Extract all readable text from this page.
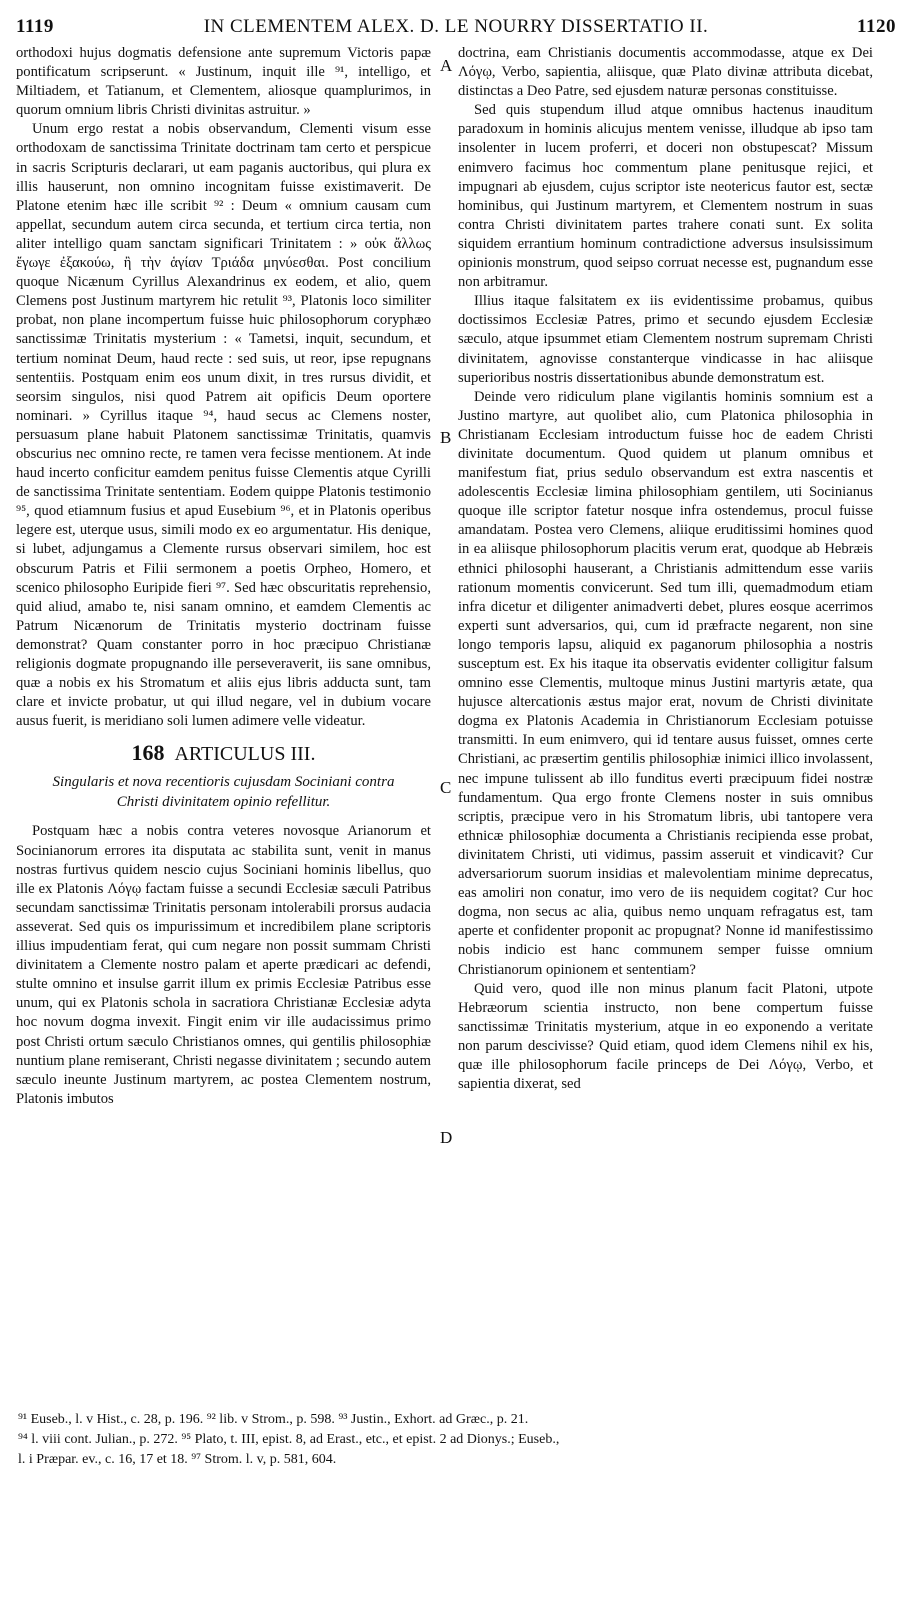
1119	IN CLEMENTEM ALEX. D. LE NOURRY DISSERTATIO II.	1120

orthodoxi hujus dogmatis defensione ante supremum Victoris papæ pontificatum scripserunt. « Justinum, inquit ille ⁹¹, intelligo, et Miltiadem, et Tatianum, et Clementem, aliosque quamplurimos, in quorum omnium libris Christi divinitas astruitur. »

Unum ergo restat a nobis observandum, Clementi visum esse orthodoxam de sanctissima Trinitate doctrinam tam certo et perspicue in sacris Scripturis declarari, ut eam paganis auctoribus, qui plura ex illis hauserunt, non omnino incognitam fuisse existimaverit. De Platone etenim hæc ille scribit ⁹² : Deum « omnium causam cum appellat, secundum autem circa secunda, et tertium circa tertia, non aliter intelligo quam sanctam significari Trinitatem : » οὐκ ἄλλως ἔγωγε ἐξακούω, ἢ τὴν ἁγίαν Τριάδα μηνύεσθαι. Post concilium quoque Nicænum Cyrillus Alexandrinus ex eodem, et alio, quem Clemens post Justinum martyrem hic retulit ⁹³, Platonis loco similiter probat, non plane incompertum fuisse huic philosophorum coryphæo sanctissimæ Trinitatis mysterium : « Tametsi, inquit, secundum, et tertium nominat Deum, haud recte : sed suis, ut reor, ipse repugnans sententiis. Postquam enim eos unum dixit, in tres rursus dividit, et seorsim singulos, nisi quod Patrem ait opificis Deum oportere nominari. » Cyrillus itaque ⁹⁴, haud secus ac Clemens noster, persuasum plane habuit Platonem sanctissimæ Trinitatis, quamvis obscurius nec omnino recte, re tamen vera fecisse mentionem. At inde haud incerto conficitur eamdem penitus fuisse Clementis atque Cyrilli de sanctissima Trinitate sententiam. Eodem quippe Platonis testimonio ⁹⁵, quod etiamnum fusius et apud Eusebium ⁹⁶, et in Platonis operibus legere est, uterque usus, simili modo ex eo argumentatur. His denique, si lubet, adjungamus a Clemente rursus observari similem, hoc est obscurum Patris et Filii sermonem a poetis Orpheo, Homero, et scenico philosopho Euripide fieri ⁹⁷. Sed hæc obscuritatis reprehensio, quid aliud, amabo te, nisi sanam omnino, et eamdem Clementis ac Patrum Nicænorum de Trinitatis mysterio doctrinam fuisse demonstrat? Quam constanter porro in hoc præcipuo Christianæ religionis dogmate propugnando ille perseveraverit, iis sane omnibus, quæ a nobis ex his Stromatum et aliis ejus libris adducta sunt, tam clare et invicte probatur, ut qui illud negare, vel in dubium vocare ausus fuerit, is meridiano soli lumen adimere velle videatur.

168 ARTICULUS III.

Singularis et nova recentioris cujusdam Sociniani contra Christi divinitatem opinio refellitur.

Postquam hæc a nobis contra veteres novosque Arianorum et Socinianorum errores ita disputata ac stabilita sunt, venit in manus nostras furtivus quidem nescio cujus Sociniani hominis libellus, quo ille ex Platonis Λόγῳ factam fuisse a secundi Ecclesiæ sæculi Patribus secundam sanctissimæ Trinitatis personam intolerabili prorsus audacia asseverat. Sed quis os impurissimum et incredibilem plane scriptoris illius impudentiam ferat, qui cum negare non possit summam Christi divinitatem a Clemente nostro palam et aperte prædicari ac defendi, stulte omnino et insulse garrit illum ex primis Ecclesiæ Patribus esse unum, qui ex Platonis schola in sacratiora Christianæ Ecclesiæ adyta hoc novum dogma invexit. Fingit enim vir ille audacissimus primo post Christi ortum sæculo Christianos omnes, qui gentilis philosophiæ nuntium plane remiserant, Christi negasse divinitatem ; secundo autem sæculo ineunte Justinum martyrem, ac postea Clementem nostrum, Platonis imbutos

A
B
C
D

doctrina, eam Christianis documentis accommodasse, atque ex Dei Λόγῳ, Verbo, sapientia, aliisque, quæ Plato divinæ attributa dicebat, distinctas a Deo Patre, sed ejusdem naturæ personas constituisse.

Sed quis stupendum illud atque omnibus hactenus inauditum paradoxum in hominis alicujus mentem venisse, illudque ab ipso tam insolenter in lucem proferri, et doceri non obstupescat? Missum enimvero facimus hoc commentum plane penitusque rejici, et impugnari ab ejusdem, cujus scriptor iste neotericus fautor est, sectæ hominibus, qui Justinum martyrem, et Clementem nostrum in suas contra Christi divinitatem partes trahere conati sunt. Ex solita siquidem errantium hominum contradictione adversus insulsissimum opinionis monstrum, quod seipso corruat necesse est, pugnandum esse non arbitramur.

Illius itaque falsitatem ex iis evidentissime probamus, quibus doctissimos Ecclesiæ Patres, primo et secundo ejusdem Ecclesiæ sæculo, atque ipsummet etiam Clementem nostrum supremam Christi divinitatem, agnovisse constanterque vindicasse in hac aliisque superioribus nostris dissertationibus abunde demonstratum est.

Deinde vero ridiculum plane vigilantis hominis somnium est a Justino martyre, aut quolibet alio, cum Platonica philosophia in Christianam Ecclesiam introductum fuisse hoc de eadem Christi divinitate documentum. Quod quidem ut planum omnibus et manifestum fiat, prius sedulo observandum est extra nascentis et adolescentis Ecclesiæ limina philosophiam gentilem, uti Socinianus quoque ille scriptor fatetur nosque infra ostendemus, procul fuisse amandatam. Postea vero Clemens, aliique eruditissimi homines quod in ea aliisque philosophorum placitis verum erat, quodque ab Hebræis ethnici philosophi hauserant, a Christianis admittendum esse variis rationum momentis convicerunt. Sed tum illi, quemadmodum etiam infra dicetur et diligenter animadverti debet, plures eosque acerrimos experti sunt adversarios, qui, cum id præfracte negarent, non sine longo temporis lapsu, aliquid ex paganorum philosophia a nostris susceptum est. Ex his itaque ita observatis evidenter colligitur falsum omnino esse Clementis, multoque minus Justini martyris ætate, qua hujusce altercationis æstus major erat, novum de Christi divinitate dogma ex Platonis Academia in Christianorum Ecclesiam potuisse transmitti. In eum enimvero, qui id tentare ausus fuisset, omnes certe Christiani, ac præsertim gentilis philosophiæ inimici illico involassent, nec impune tulissent ab illo funditus everti præcipuum fidei nostræ fundamentum. Qua ergo fronte Clemens noster in suis omnibus scriptis, præcipue vero in his Stromatum libris, ubi tantopere vera ethnicæ philosophiæ documenta a Christianis recipienda esse probat, divinitatem Christi, uti vidimus, passim asseruit et vindicavit? Cur adversariorum suorum insidias et malevolentiam minime deprecatus, eas amoliri non conatur, imo vero de iis nequidem cogitat? Cur hoc dogma, non secus ac alia, quibus nemo unquam refragatus est, tam aperte et confidenter proponit ac propugnat? Nonne id manifestissimo nobis indicio est hanc communem semper fuisse omnium Christianorum opinionem et sententiam?

Quid vero, quod ille non minus planum facit Platoni, utpote Hebræorum scientia instructo, non bene compertum fuisse sanctissimæ Trinitatis mysterium, atque in eo exponendo a veritate non parum descivisse? Quid etiam, quod idem Clemens nihil ex his, quæ ille philosophorum facile princeps de Dei Λόγῳ, Verbo, et sapientia dixerat, sed

⁹¹ Euseb., l. v Hist., c. 28, p. 196. ⁹² lib. v Strom., p. 598. ⁹³ Justin., Exhort. ad Græc., p. 21.
⁹⁴ l. viii cont. Julian., p. 272. ⁹⁵ Plato, t. III, epist. 8, ad Erast., etc., et epist. 2 ad Dionys.; Euseb.,
l. i Præpar. ev., c. 16, 17 et 18. ⁹⁷ Strom. l. v, p. 581, 604.
